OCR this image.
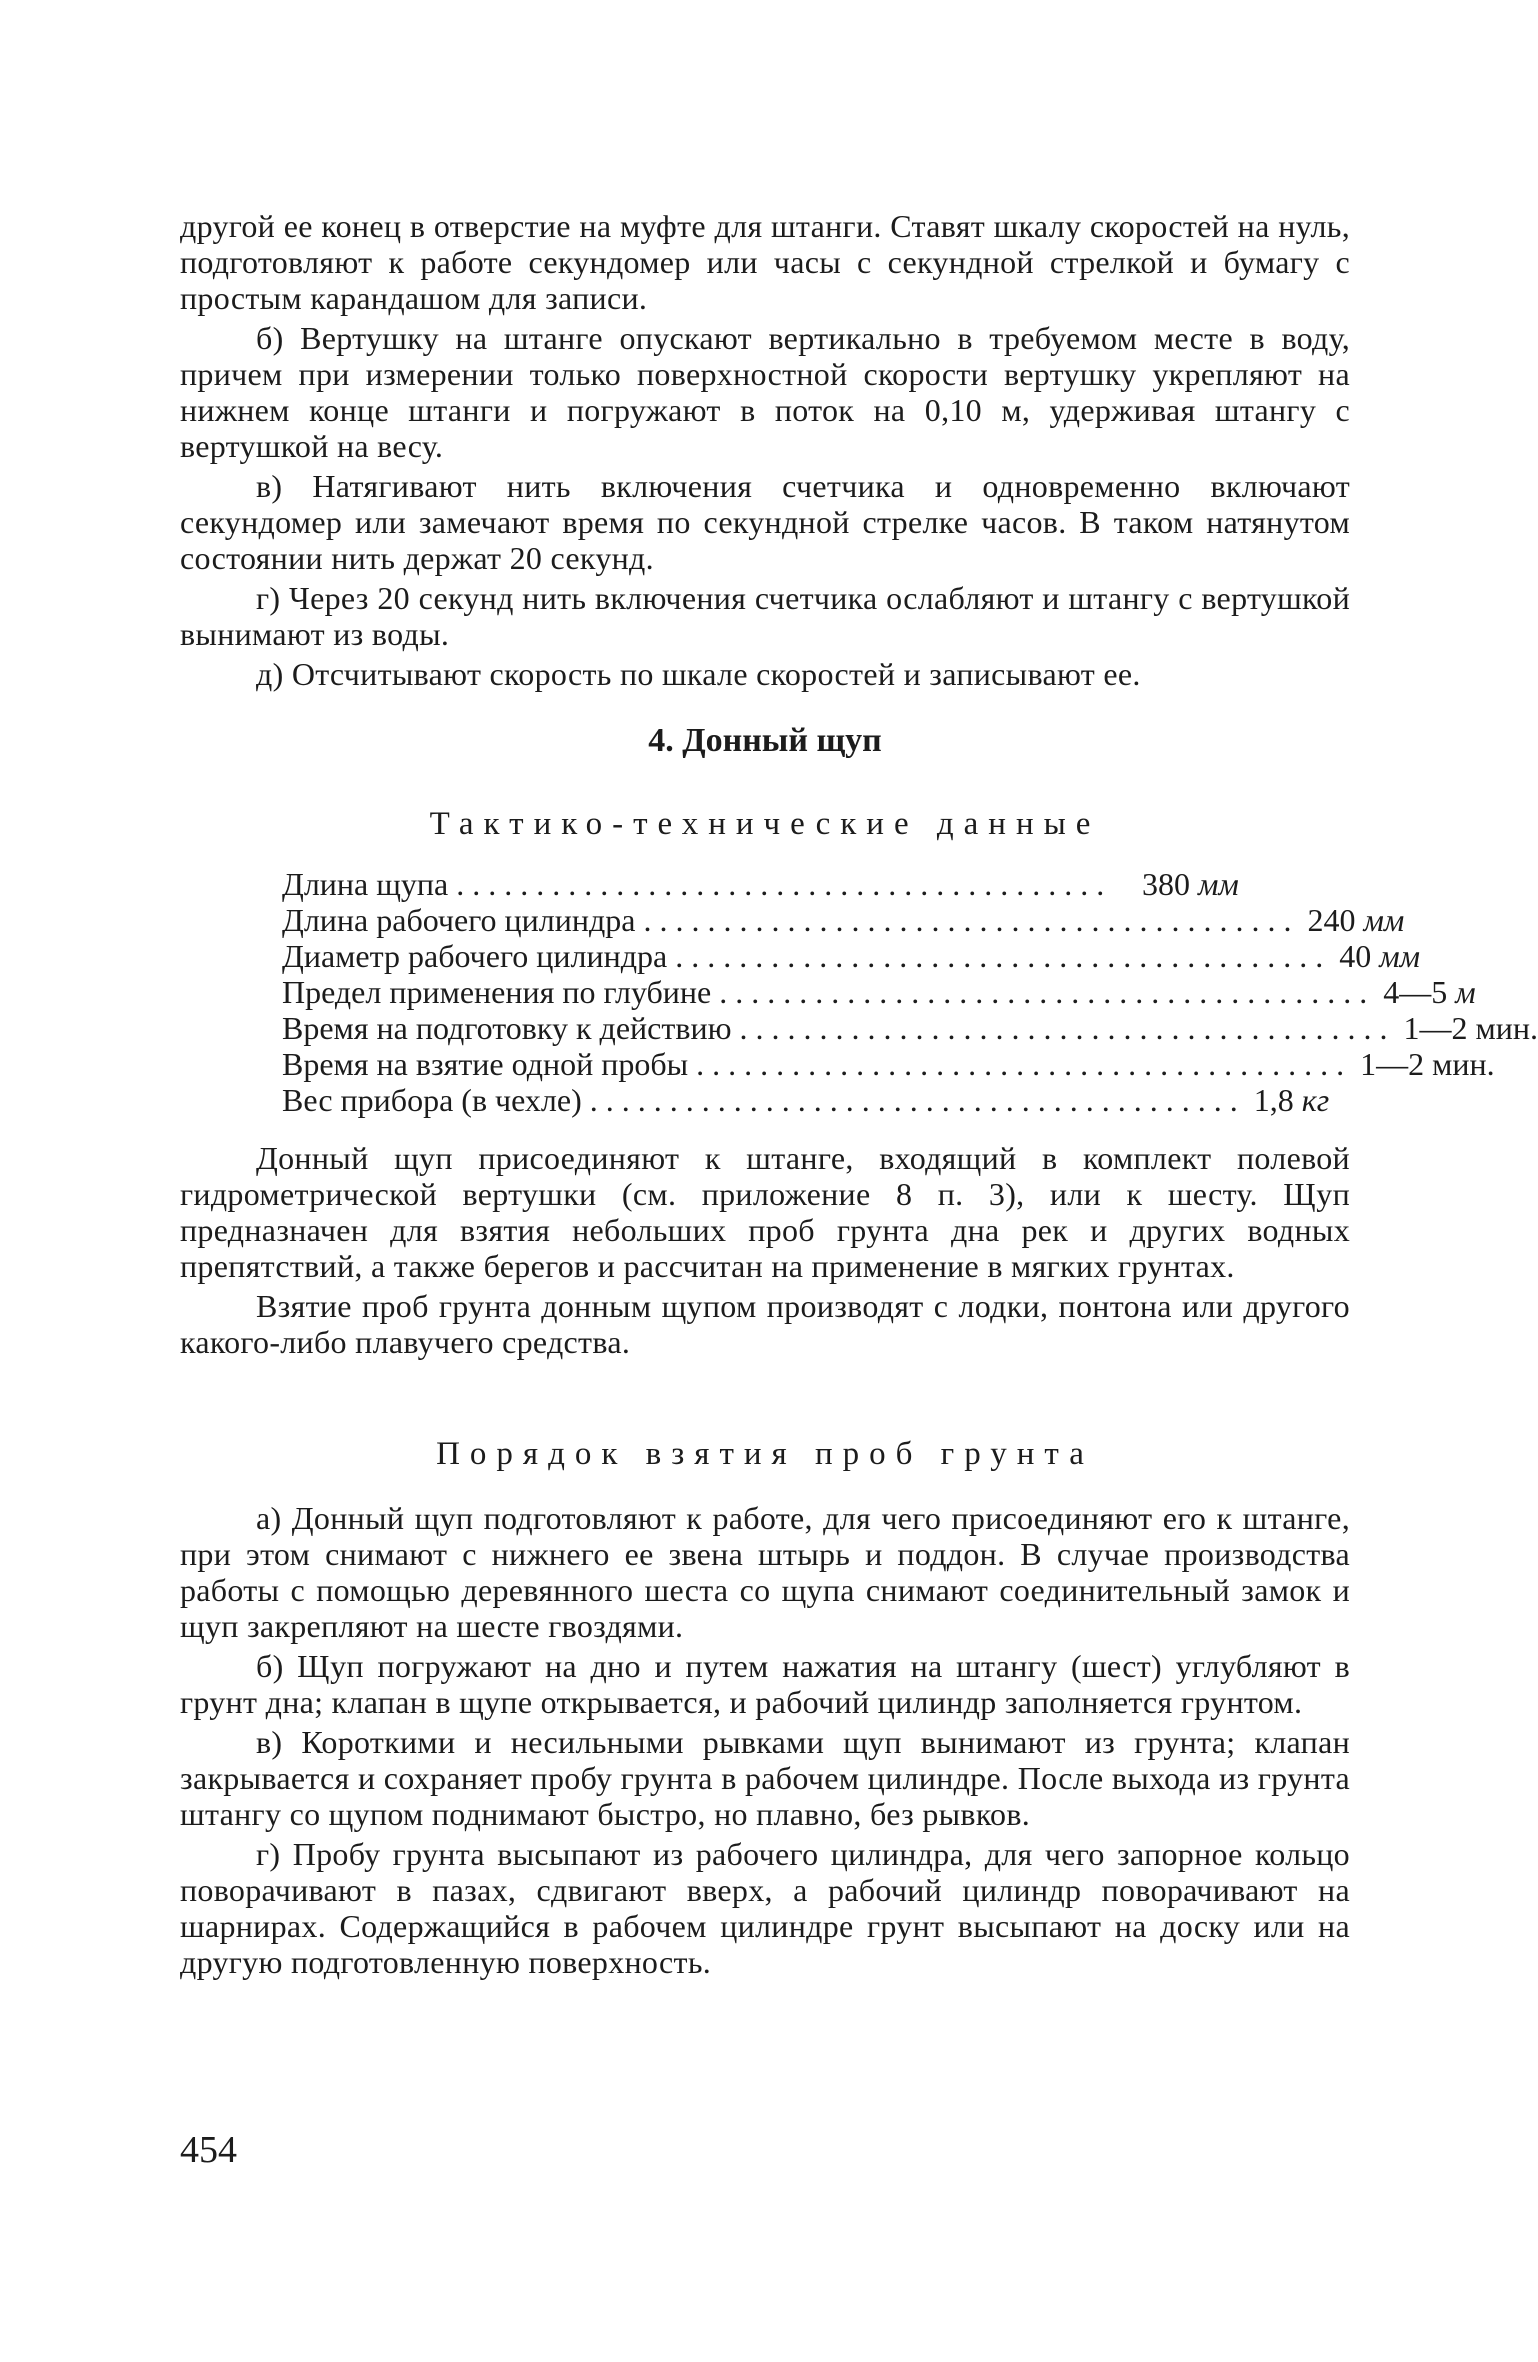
другой ее конец в отверстие на муфте для штанги. Ставят шкалу скоростей на нуль, подготовляют к работе секундомер или часы с секундной стрелкой и бумагу с простым карандашом для записи.

б) Вертушку на штанге опускают вертикально в требуемом месте в воду, причем при измерении только поверхностной скорости вертушку укрепляют на нижнем конце штанги и погружают в поток на 0,10 м, удерживая штангу с вертушкой на весу.

в) Натягивают нить включения счетчика и одновременно включают секундомер или замечают время по секундной стрелке часов. В таком натянутом состоянии нить держат 20 секунд.

г) Через 20 секунд нить включения счетчика ослабляют и штангу с вертушкой вынимают из воды.

д) Отсчитывают скорость по шкале скоростей и записывают ее.

4. Донный щуп
Тактико-технические данные
Длина щупа ......................................... 380 мм
Длина рабочего цилиндра ......................................... 240 мм
Диаметр рабочего цилиндра ......................................... 40 мм
Предел применения по глубине ......................................... 4—5 м
Время на подготовку к действию ......................................... 1—2 мин.
Время на взятие одной пробы ......................................... 1—2 мин.
Вес прибора (в чехле) ......................................... 1,8 кг

Донный щуп присоединяют к штанге, входящий в комплект полевой гидрометрической вертушки (см. приложение 8 п. 3), или к шесту. Щуп предназначен для взятия небольших проб грунта дна рек и других водных препятствий, а также берегов и рассчитан на применение в мягких грунтах.

Взятие проб грунта донным щупом производят с лодки, понтона или другого какого-либо плавучего средства.

Порядок взятия проб грунта

а) Донный щуп подготовляют к работе, для чего присоединяют его к штанге, при этом снимают с нижнего ее звена штырь и поддон. В случае производства работы с помощью деревянного шеста со щупа снимают соединительный замок и щуп закрепляют на шесте гвоздями.

б) Щуп погружают на дно и путем нажатия на штангу (шест) углубляют в грунт дна; клапан в щупе открывается, и рабочий цилиндр заполняется грунтом.

в) Короткими и несильными рывками щуп вынимают из грунта; клапан закрывается и сохраняет пробу грунта в рабочем цилиндре. После выхода из грунта штангу со щупом поднимают быстро, но плавно, без рывков.

г) Пробу грунта высыпают из рабочего цилиндра, для чего запорное кольцо поворачивают в пазах, сдвигают вверх, а рабочий цилиндр поворачивают на шарнирах. Содержащийся в рабочем цилиндре грунт высыпают на доску или на другую подготовленную поверхность.

454
